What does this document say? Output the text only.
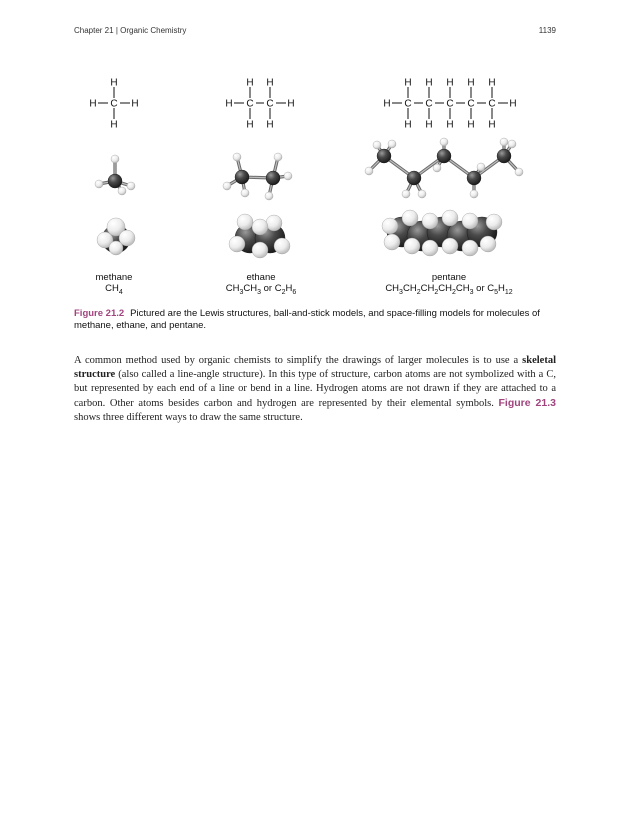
Chapter 21 | Organic Chemistry	1139
C
H
H
H	H	C
H
H
C
H
H
H	H	C
H
H
C
H
H
C
H
H
C
H
H
C
H
H
H	H
methane
$CH_4$
ethane
$CH_3CH_3$ or $C_2H_6$
pentane
$CH_3CH_2CH_2CH_2CH_3$ or $C_5H_{12}$
Figure 21.2 Pictured are the Lewis structures, ball-and-stick models, and space-filling models for molecules of methane, ethane, and pentane.
A common method used by organic chemists to simplify the drawings of larger molecules is to use a skeletal structure (also called a line-angle structure). In this type of structure, carbon atoms are not symbolized with a C, but represented by each end of a line or bend in a line. Hydrogen atoms are not drawn if they are attached to a carbon. Other atoms besides carbon and hydrogen are represented by their elemental symbols. Figure 21.3 shows three different ways to draw the same structure.
